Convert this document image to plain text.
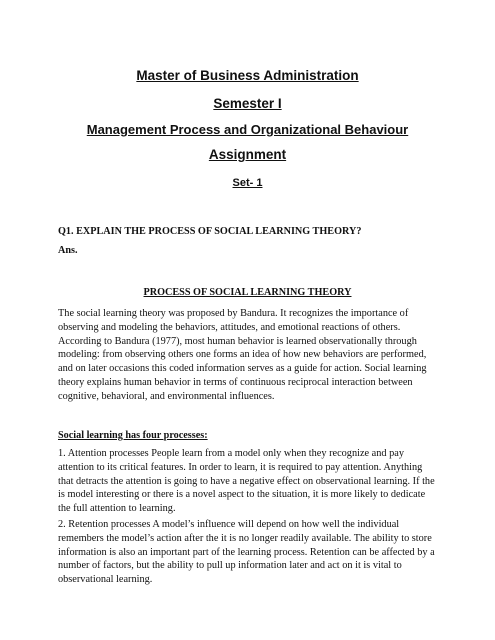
Master of Business Administration
Semester I
Management Process and Organizational Behaviour
Assignment
Set- 1
Q1. EXPLAIN THE PROCESS OF SOCIAL LEARNING THEORY?
Ans.
PROCESS OF SOCIAL LEARNING THEORY

The social learning theory was proposed by Bandura. It recognizes the importance of observing and modeling the behaviors, attitudes, and emotional reactions of others. According to Bandura (1977), most human behavior is learned observationally through modeling: from observing others one forms an idea of how new behaviors are performed, and on later occasions this coded information serves as a guide for action. Social learning theory explains human behavior in terms of continuous reciprocal interaction between cognitive, behavioral, and environmental influences.

Social learning has four processes:

1. Attention processes People learn from a model only when they recognize and pay attention to its critical features. In order to learn, it is required to pay attention. Anything that detracts the attention is going to have a negative effect on observational learning. If the is model interesting or there is a novel aspect to the situation, it is more likely to dedicate the full attention to learning.

2. Retention processes A model’s influence will depend on how well the individual remembers the model’s action after the it is no longer readily available. The ability to store information is also an important part of the learning process. Retention can be affected by a number of factors, but the ability to pull up information later and act on it is vital to observational learning.
